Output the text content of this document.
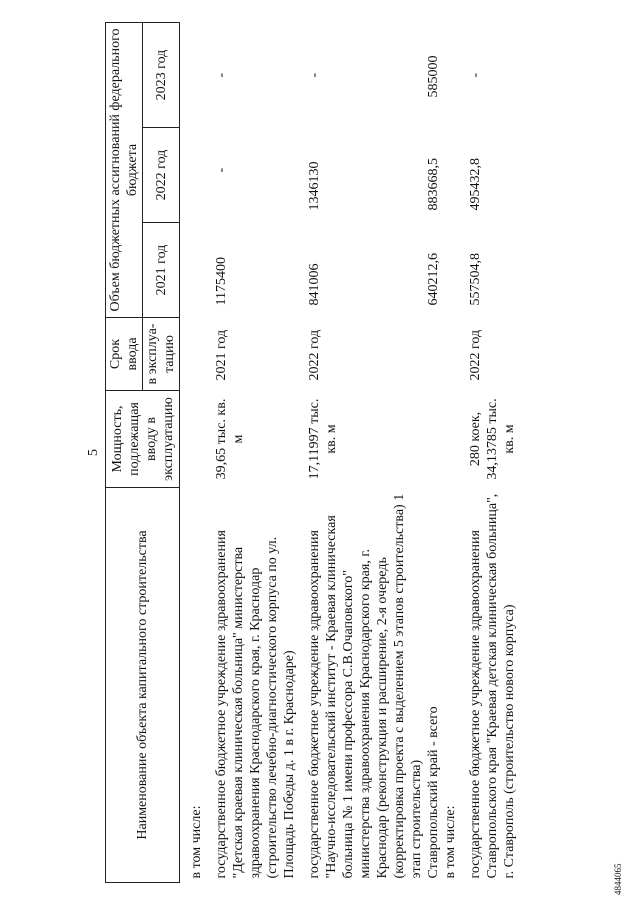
5
Наименование объекта капитального строительства	Мощность, подлежащая вводу в эксплуатацию	Срок ввода	Объем бюджетных ассигнований федерального бюджета		
		в эксплуа-тацию	2021 год	2022 год	2023 год

в том числе:					

государственное бюджетное учреждение здравоохранения "Детская краевая клиническая больница" министерства здравоохранения Краснодарского края, г. Краснодар (строительство лечебно-диагностического корпуса по ул. Площадь Победы д. 1 в г. Краснодаре)	39,65 тыс. кв. м	2021 год	1175400	-	-

государственное бюджетное учреждение здравоохранения "Научно-исследовательский институт - Краевая клиническая больница № 1 имени профессора С.В.Очаповского" министерства здравоохранения Краснодарского края, г. Краснодар (реконструкция и расширение, 2-я очередь (корректировка проекта с выделением 5 этапов строительства) 1 этап строительства)	17,11997 тыс. кв. м	2022 год	841006	1346130	-
Ставропольский край - всего			640212,6	883668,5	585000
в том числе:					

государственное бюджетное учреждение здравоохранения Ставропольского края "Краевая детская клиническая больница", г. Ставрополь (строительство нового корпуса)	280 коек, 34,13785 тыс. кв. м	2022 год	557504,8	495432,8	-
4844065
